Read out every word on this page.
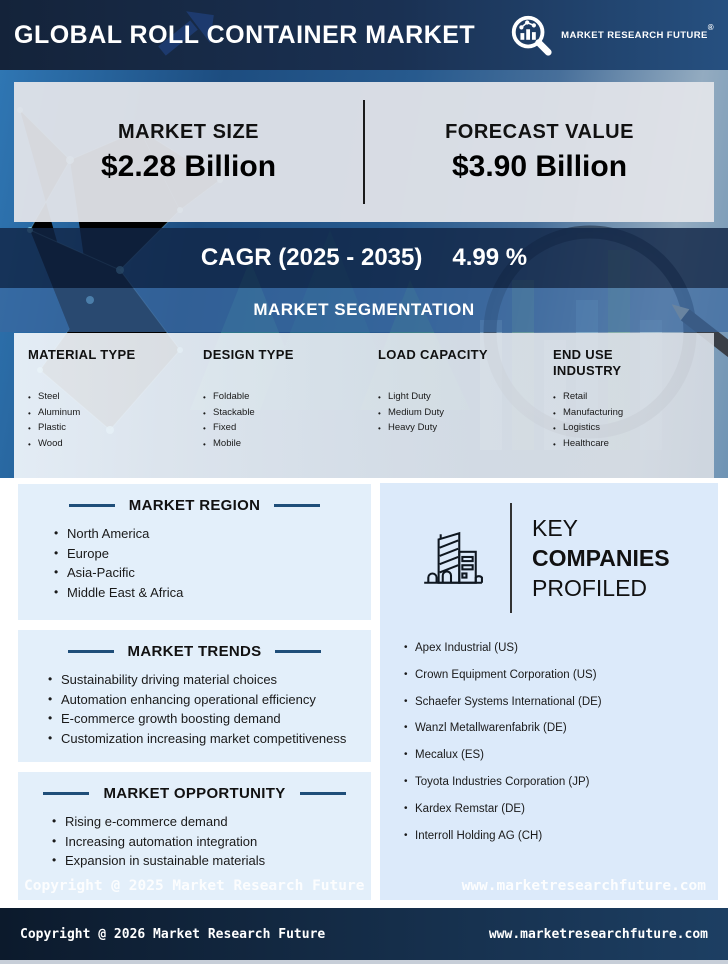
GLOBAL ROLL CONTAINER MARKET	MARKET RESEARCH FUTURE®
MARKET SIZE
$2.28 Billion
FORECAST VALUE
$3.90 Billion
CAGR (2025 - 2035) 4.99 %
MARKET SEGMENTATION
MATERIAL TYPE
• Steel
• Aluminum
• Plastic
• Wood
DESIGN TYPE
• Foldable
• Stackable
• Fixed
• Mobile
LOAD CAPACITY
• Light Duty
• Medium Duty
• Heavy Duty
END USE INDUSTRY
• Retail
• Manufacturing
• Logistics
• Healthcare
MARKET REGION
• North America
• Europe
• Asia-Pacific
• Middle East & Africa
MARKET TRENDS
• Sustainability driving material choices
• Automation enhancing operational efficiency
• E-commerce growth boosting demand
• Customization increasing market competitiveness
MARKET OPPORTUNITY
• Rising e-commerce demand
• Increasing automation integration
• Expansion in sustainable materials
KEY
COMPANIES
PROFILED
• Apex Industrial (US)
• Crown Equipment Corporation (US)
• Schaefer Systems International (DE)
• Wanzl Metallwarenfabrik (DE)
• Mecalux (ES)
• Toyota Industries Corporation (JP)
• Kardex Remstar (DE)
• Interroll Holding AG (CH)
Copyright @ 2025 Market Research Future	www.marketresearchfuture.com
Copyright @ 2026 Market Research Future	www.marketresearchfuture.com
